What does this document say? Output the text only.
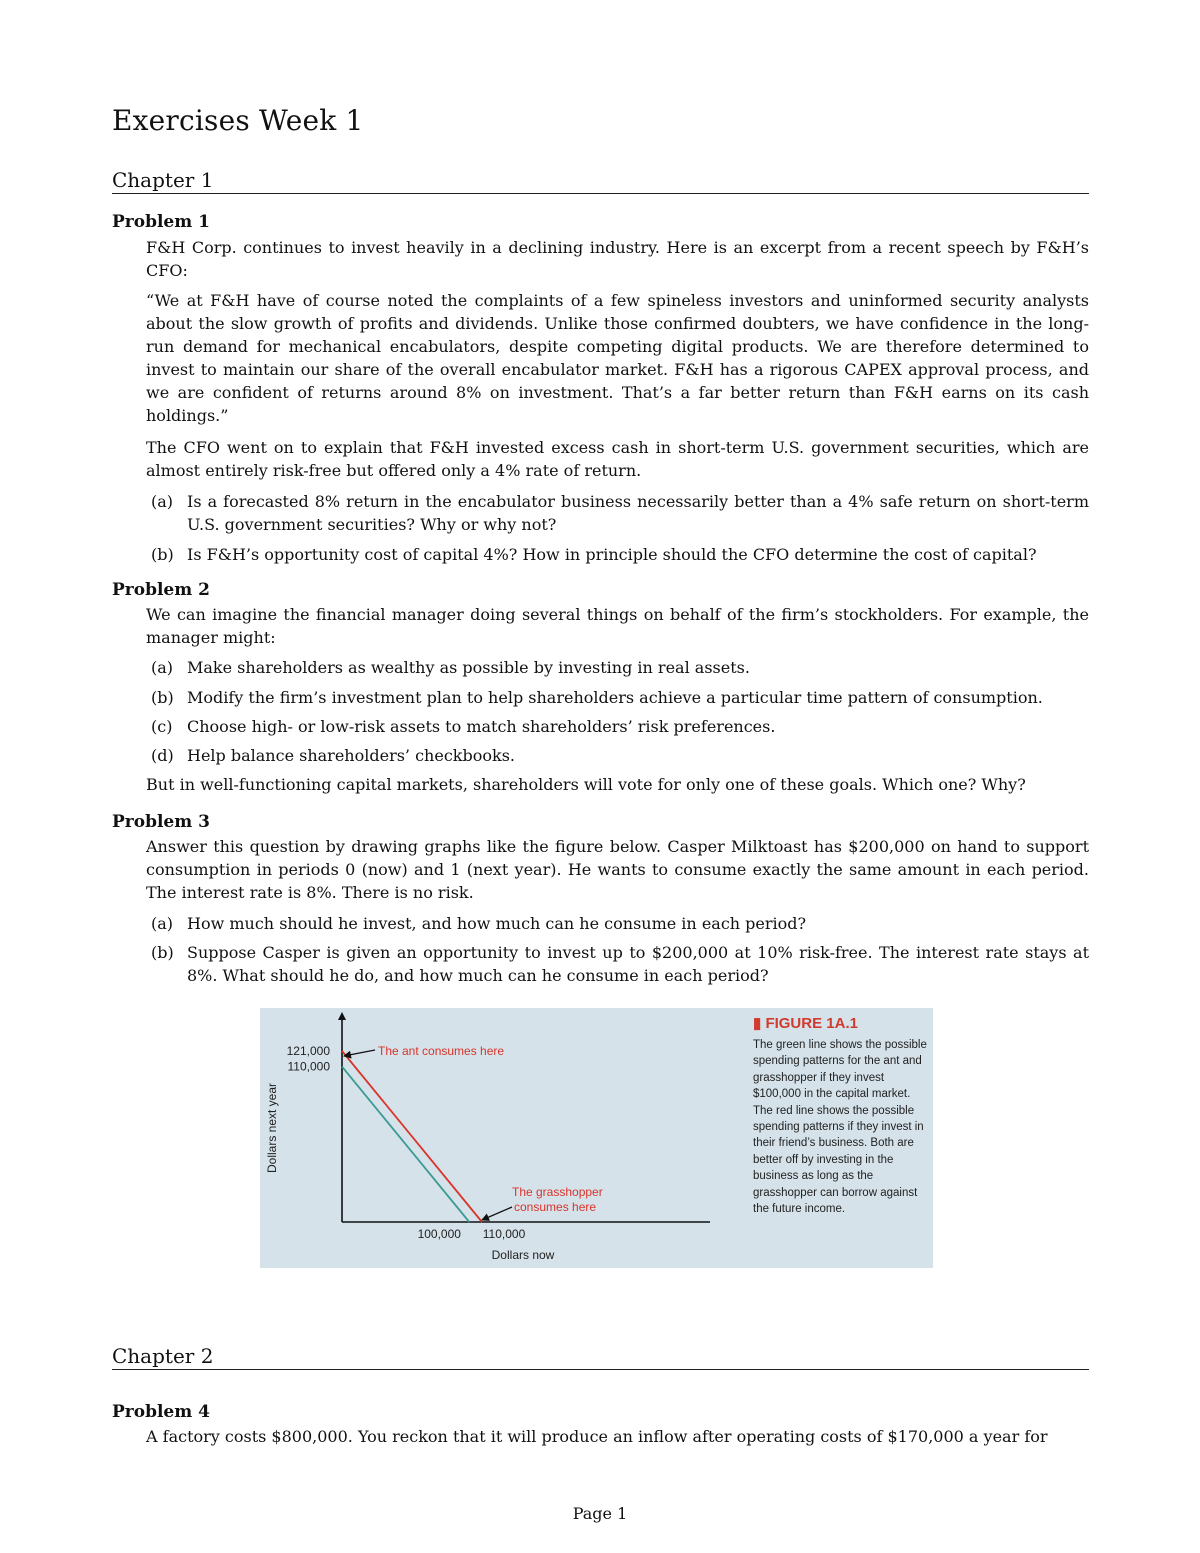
Exercises Week 1
Chapter 1
Problem 1

F&H Corp. continues to invest heavily in a declining industry. Here is an excerpt from a recent speech by F&H’s CFO:

“We at F&H have of course noted the complaints of a few spineless investors and uninformed security analysts about the slow growth of profits and dividends. Unlike those confirmed doubters, we have confidence in the long-run demand for mechanical encabulators, despite competing digital products. We are therefore determined to invest to maintain our share of the overall encabulator market. F&H has a rigorous CAPEX approval process, and we are confident of returns around 8% on investment. That’s a far better return than F&H earns on its cash holdings.”

The CFO went on to explain that F&H invested excess cash in short-term U.S. government securities, which are almost entirely risk-free but offered only a 4% rate of return.

(a) Is a forecasted 8% return in the encabulator business necessarily better than a 4% safe return on short-term U.S. government securities? Why or why not?
(b) Is F&H’s opportunity cost of capital 4%? How in principle should the CFO determine the cost of capital?
Problem 2

We can imagine the financial manager doing several things on behalf of the firm’s stockholders. For example, the manager might:

(a) Make shareholders as wealthy as possible by investing in real assets.
(b) Modify the firm’s investment plan to help shareholders achieve a particular time pattern of consumption.
(c) Choose high- or low-risk assets to match shareholders’ risk preferences.
(d) Help balance shareholders’ checkbooks.

But in well-functioning capital markets, shareholders will vote for only one of these goals. Which one? Why?

Problem 3

Answer this question by drawing graphs like the figure below. Casper Milktoast has $200,000 on hand to support consumption in periods 0 (now) and 1 (next year). He wants to consume exactly the same amount in each period. The interest rate is 8%. There is no risk.

(a) How much should he invest, and how much can he consume in each period?
(b) Suppose Casper is given an opportunity to invest up to $200,000 at 10% risk-free. The interest rate stays at 8%. What should he do, and how much can he consume in each period?
121,000
110,000
100,000 110,000
Dollars now
Dollars next year
The ant consumes here
The grasshopper
consumes here

▮ FIGURE 1A.1

The green line shows the possible spending patterns for the ant and grasshopper if they invest $100,000 in the capital market. The red line shows the possible spending patterns if they invest in their friend’s business. Both are better off by investing in the business as long as the grasshopper can borrow against the future income.

Chapter 2
Problem 4

A factory costs $800,000. You reckon that it will produce an inflow after operating costs of $170,000 a year for

Page 1
